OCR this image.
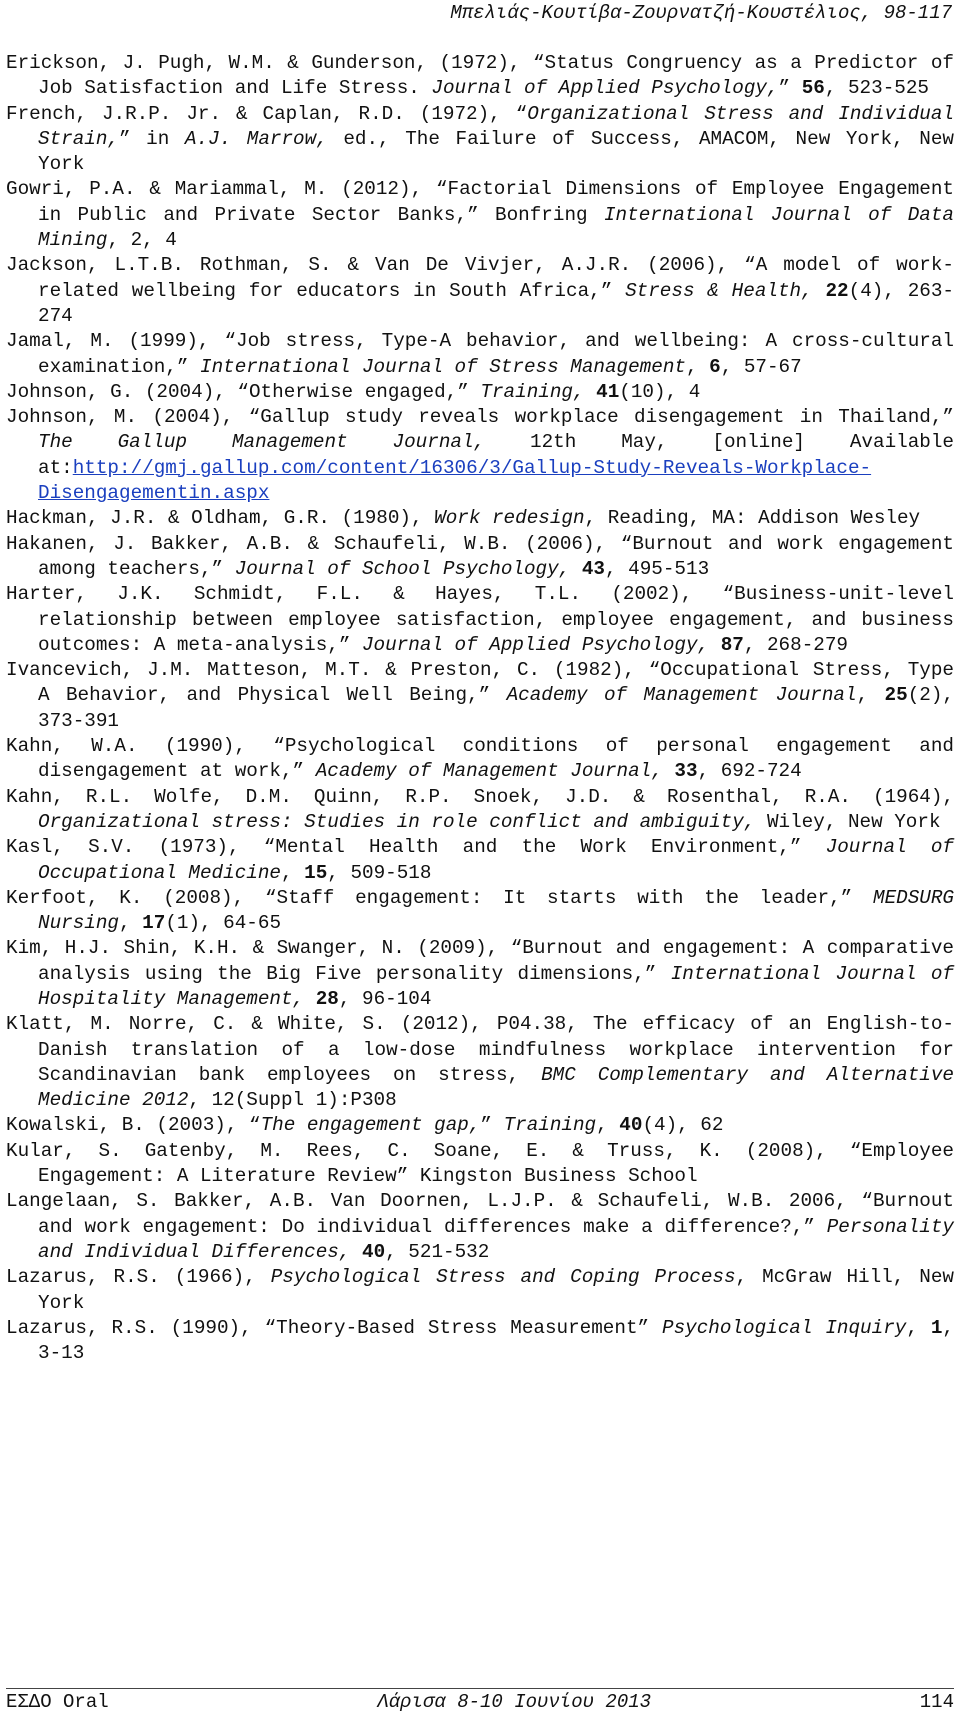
Μπελιάς-Κουτίβα-Ζουρνατζή-Κουστέλιος, 98-117

Erickson, J. Pugh, W.M. & Gunderson, (1972), “Status Congruency as a Predictor of Job Satisfaction and Life Stress. Journal of Applied Psychology,” 56, 523-525

French, J.R.P. Jr. & Caplan, R.D. (1972), “Organizational Stress and Individual Strain,” in A.J. Marrow, ed., The Failure of Success, AMACOM, New York, New York

Gowri, P.A. & Mariammal, M. (2012), “Factorial Dimensions of Employee Engagement in Public and Private Sector Banks,” Bonfring International Journal of Data Mining, 2, 4

Jackson, L.T.B. Rothman, S. & Van De Vivjer, A.J.R. (2006), “A model of work-related wellbeing for educators in South Africa,” Stress & Health, 22(4), 263-274

Jamal, M. (1999), “Job stress, Type-A behavior, and wellbeing: A cross-cultural examination,” International Journal of Stress Management, 6, 57-67

Johnson, G. (2004), “Otherwise engaged,” Training, 41(10), 4

Johnson, M. (2004), “Gallup study reveals workplace disengagement in Thailand,” The Gallup Management Journal, 12th May, [online] Available at:http://gmj.gallup.com/content/16306/3/Gallup-Study-Reveals-Workplace-Disengagementin.aspx

Hackman, J.R. & Oldham, G.R. (1980), Work redesign, Reading, MA: Addison Wesley

Hakanen, J. Bakker, A.B. & Schaufeli, W.B. (2006), “Burnout and work engagement among teachers,” Journal of School Psychology, 43, 495-513

Harter, J.K. Schmidt, F.L. & Hayes, T.L. (2002), “Business-unit-level relationship between employee satisfaction, employee engagement, and business outcomes: A meta-analysis,” Journal of Applied Psychology, 87, 268-279

Ivancevich, J.M. Matteson, M.T. & Preston, C. (1982), “Occupational Stress, Type A Behavior, and Physical Well Being,” Academy of Management Journal, 25(2), 373-391

Kahn, W.A. (1990), “Psychological conditions of personal engagement and disengagement at work,” Academy of Management Journal, 33, 692-724

Kahn, R.L. Wolfe, D.M. Quinn, R.P. Snoek, J.D. & Rosenthal, R.A. (1964), Organizational stress: Studies in role conflict and ambiguity, Wiley, New York

Kasl, S.V. (1973), “Mental Health and the Work Environment,” Journal of Occupational Medicine, 15, 509-518

Kerfoot, K. (2008), “Staff engagement: It starts with the leader,” MEDSURG Nursing, 17(1), 64-65

Kim, H.J. Shin, K.H. & Swanger, N. (2009), “Burnout and engagement: A comparative analysis using the Big Five personality dimensions,” International Journal of Hospitality Management, 28, 96-104

Klatt, M. Norre, C. & White, S. (2012), P04.38, The efficacy of an English-to-Danish translation of a low-dose mindfulness workplace intervention for Scandinavian bank employees on stress, BMC Complementary and Alternative Medicine 2012, 12(Suppl 1):P308

Kowalski, B. (2003), “The engagement gap,” Training, 40(4), 62

Kular, S. Gatenby, M. Rees, C. Soane, E. & Truss, K. (2008), “Employee Engagement: A Literature Review” Kingston Business School

Langelaan, S. Bakker, A.B. Van Doornen, L.J.P. & Schaufeli, W.B. 2006, “Burnout and work engagement: Do individual differences make a difference?,” Personality and Individual Differences, 40, 521-532

Lazarus, R.S. (1966), Psychological Stress and Coping Process, McGraw Hill, New York

Lazarus, R.S. (1990), “Theory-Based Stress Measurement” Psychological Inquiry, 1, 3-13

ΕΣΔΟ Oral	Λάρισα 8-10 Ιουνίου 2013	114
